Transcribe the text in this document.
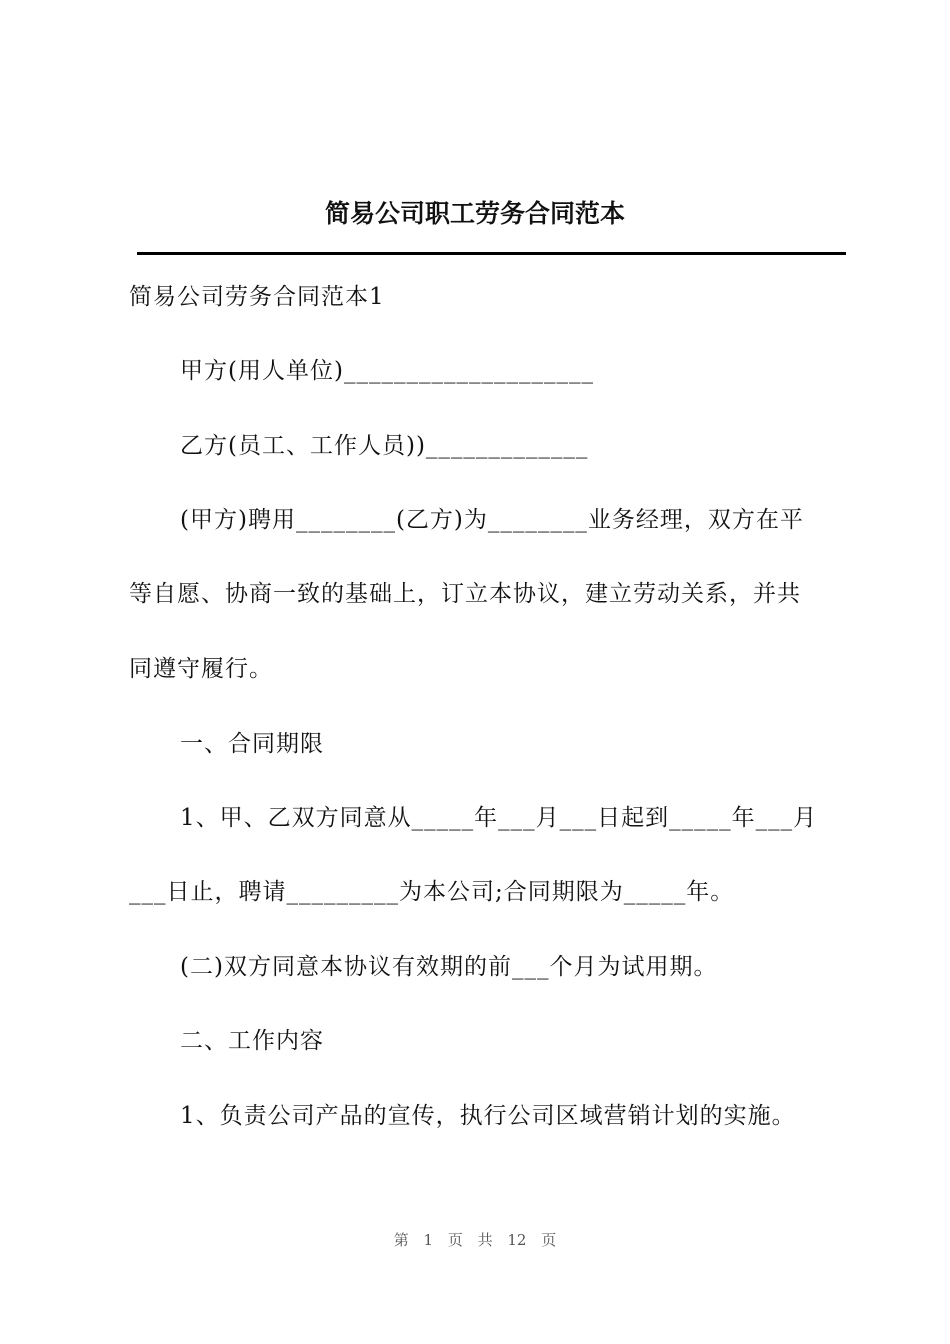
简易公司职工劳务合同范本
简易公司劳务合同范本1
甲方(用人单位)____________________
乙方(员工、工作人员))_____________
(甲方)聘用________(乙方)为________业务经理，双方在平
等自愿、协商一致的基础上，订立本协议，建立劳动关系，并共
同遵守履行。
一、合同期限
1、甲、乙双方同意从_____年___月___日起到_____年___月
___日止，聘请_________为本公司;合同期限为_____年。
(二)双方同意本协议有效期的前___个月为试用期。
二、工作内容
1、负责公司产品的宣传，执行公司区域营销计划的实施。
第 1 页 共 12 页
